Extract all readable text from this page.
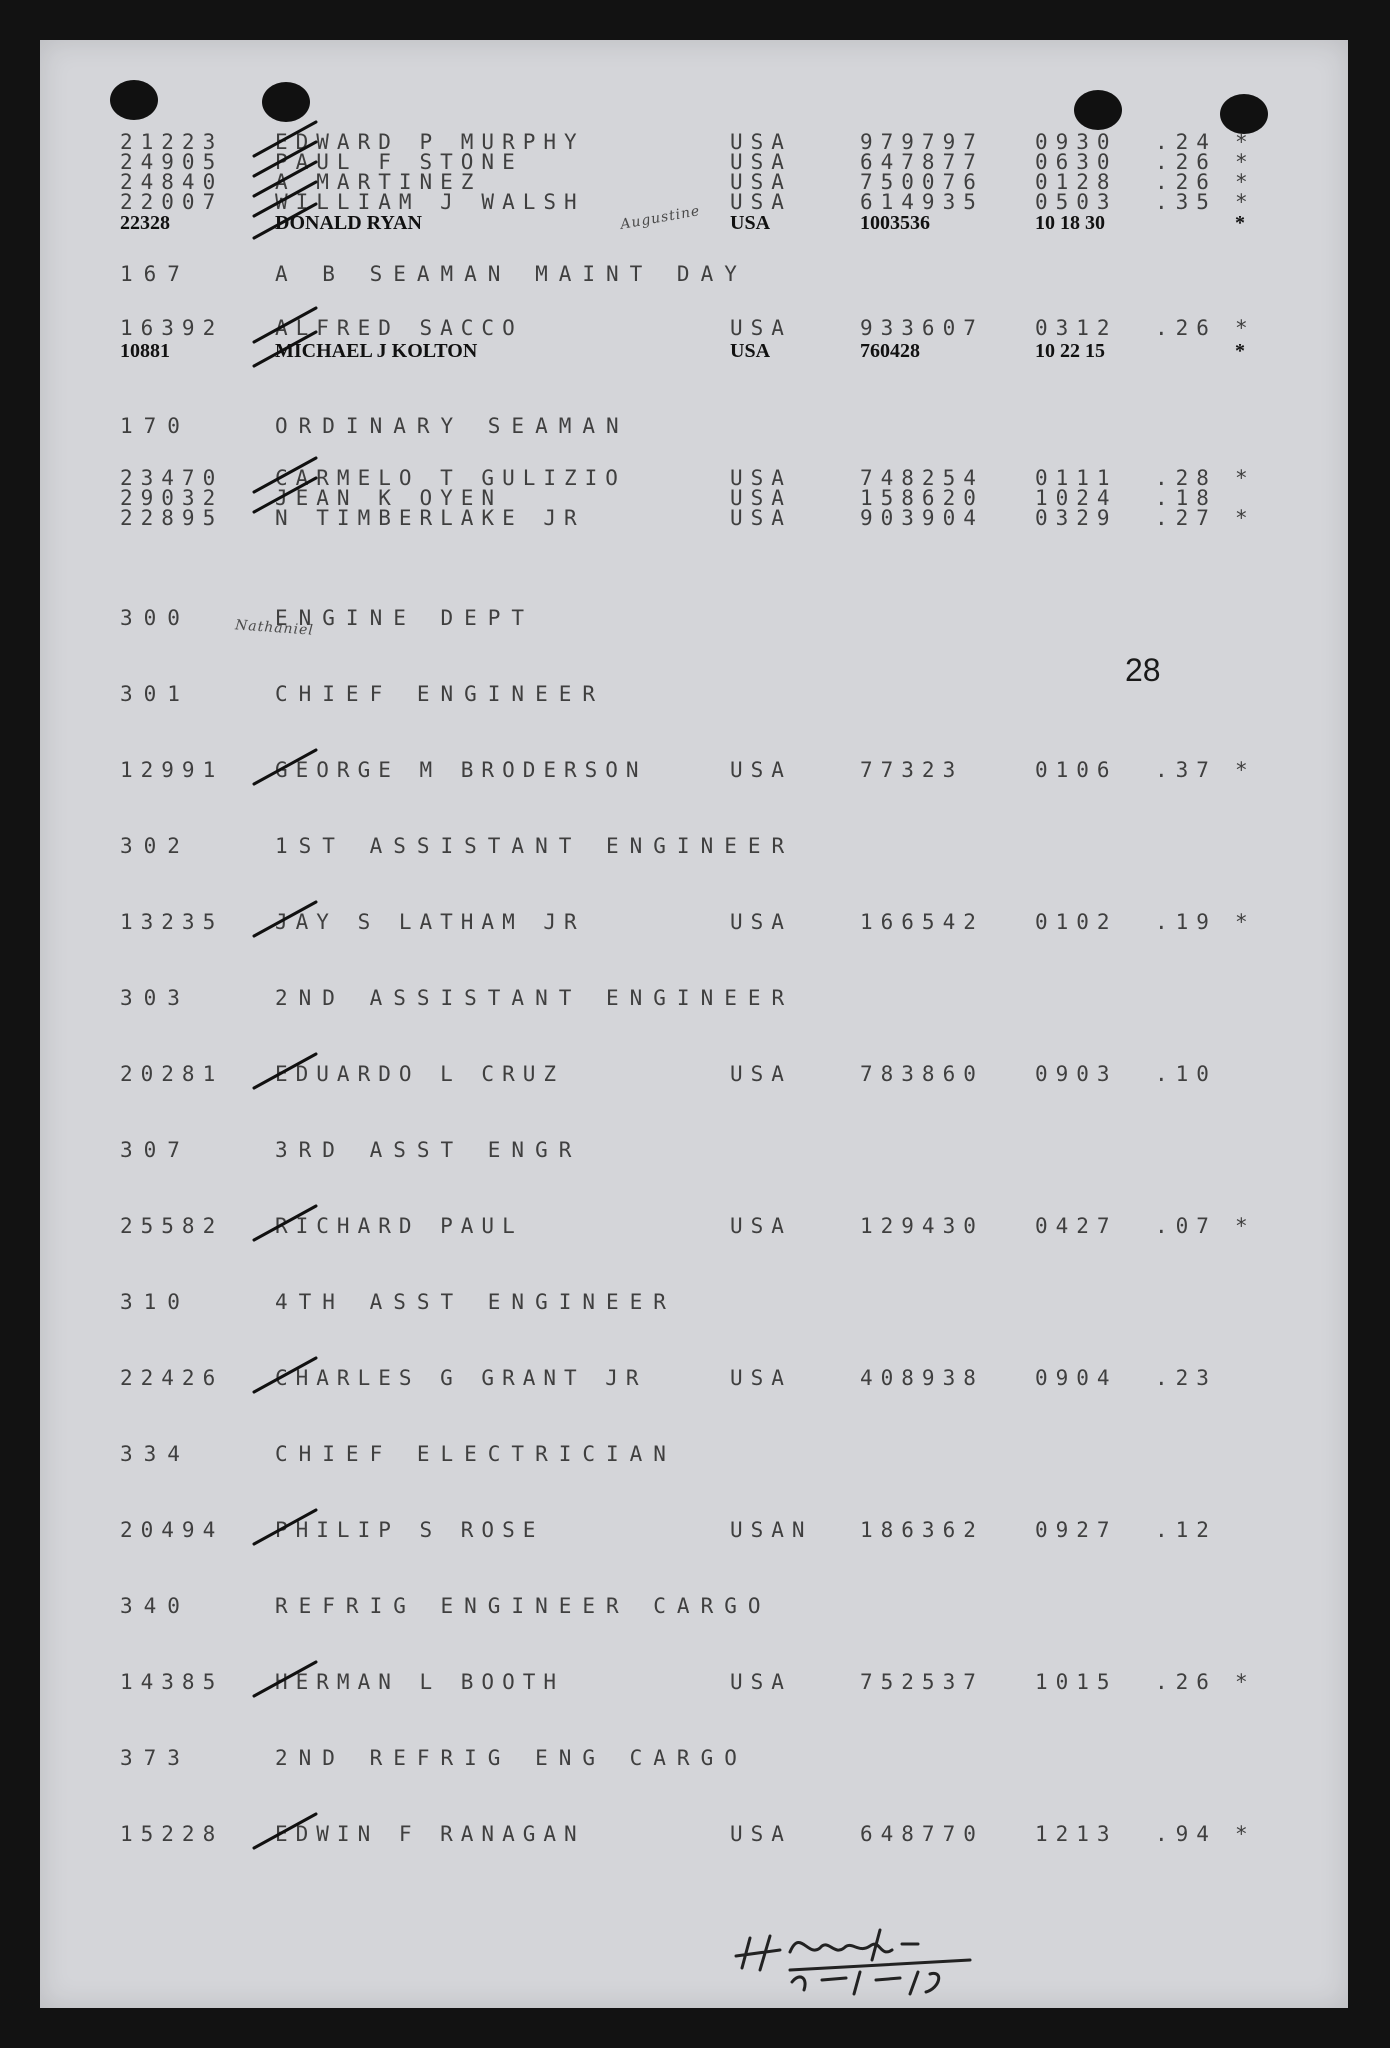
21223 EDWARD P MURPHY	USA	979797 0930 .24 *
24905 PAUL F STONE	USA	647877 0630 .26 *
24840 A MARTINEZ	USA	750076 0128 .26 *
22007 WILLIAM J WALSH	USA	614935 0503 .35 *
22328	DONALD RYAN	USA	1003536	10 18 30	*
167	A B SEAMAN MAINT DAY
16392 ALFRED SACCO	USA	933607 0312 .26 *
10881	MICHAEL J KOLTON	USA	760428	10 22 15	*
170	ORDINARY SEAMAN
23470 CARMELO T GULIZIO	USA	748254 0111 .28 *
29032 JEAN K OYEN	USA	158620 1024 .18
22895 N TIMBERLAKE JR	USA	903904 0329 .27 *
300	ENGINE DEPT
301	CHIEF ENGINEER
12991 GEORGE M BRODERSON	USA	77323	0106 .37 *
302	1ST ASSISTANT ENGINEER
13235 JAY S LATHAM JR	USA	166542 0102 .19 *
303	2ND ASSISTANT ENGINEER
20281 EDUARDO L CRUZ	USA	783860 0903 .10
307	3RD ASST ENGR
25582 RICHARD PAUL	USA	129430 0427 .07 *
310	4TH ASST ENGINEER
22426 CHARLES G GRANT JR	USA	408938 0904 .23
334	CHIEF ELECTRICIAN
20494 PHILIP S ROSE	USAN 186362 0927 .12
340	REFRIG ENGINEER CARGO
14385 HERMAN L BOOTH	USA	752537 1015 .26 *
373	2ND REFRIG ENG CARGO
15228 EDWIN F RANAGAN	USA	648770 1213 .94 *
Augustine
Nathaniel
28
